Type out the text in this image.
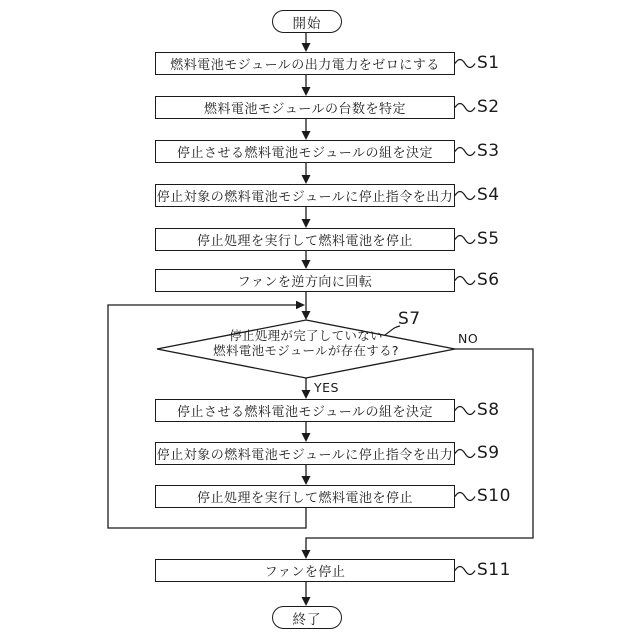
開始
終了
燃料電池モジュールの出力電力をゼロにする
燃料電池モジュールの台数を特定
停止させる燃料電池モジュールの組を決定
停止対象の燃料電池モジュールに停止指令を出力
停止処理を実行して燃料電池を停止
ファンを逆方向に回転
停止させる燃料電池モジュールの組を決定
停止対象の燃料電池モジュールに停止指令を出力
停止処理を実行して燃料電池を停止
ファンを停止
停止処理が完了していない
燃料電池モジュールが存在する?
S1
S2
S3
S4
S5
S6
S7
S8
S9
S10
S11
YES
NO
